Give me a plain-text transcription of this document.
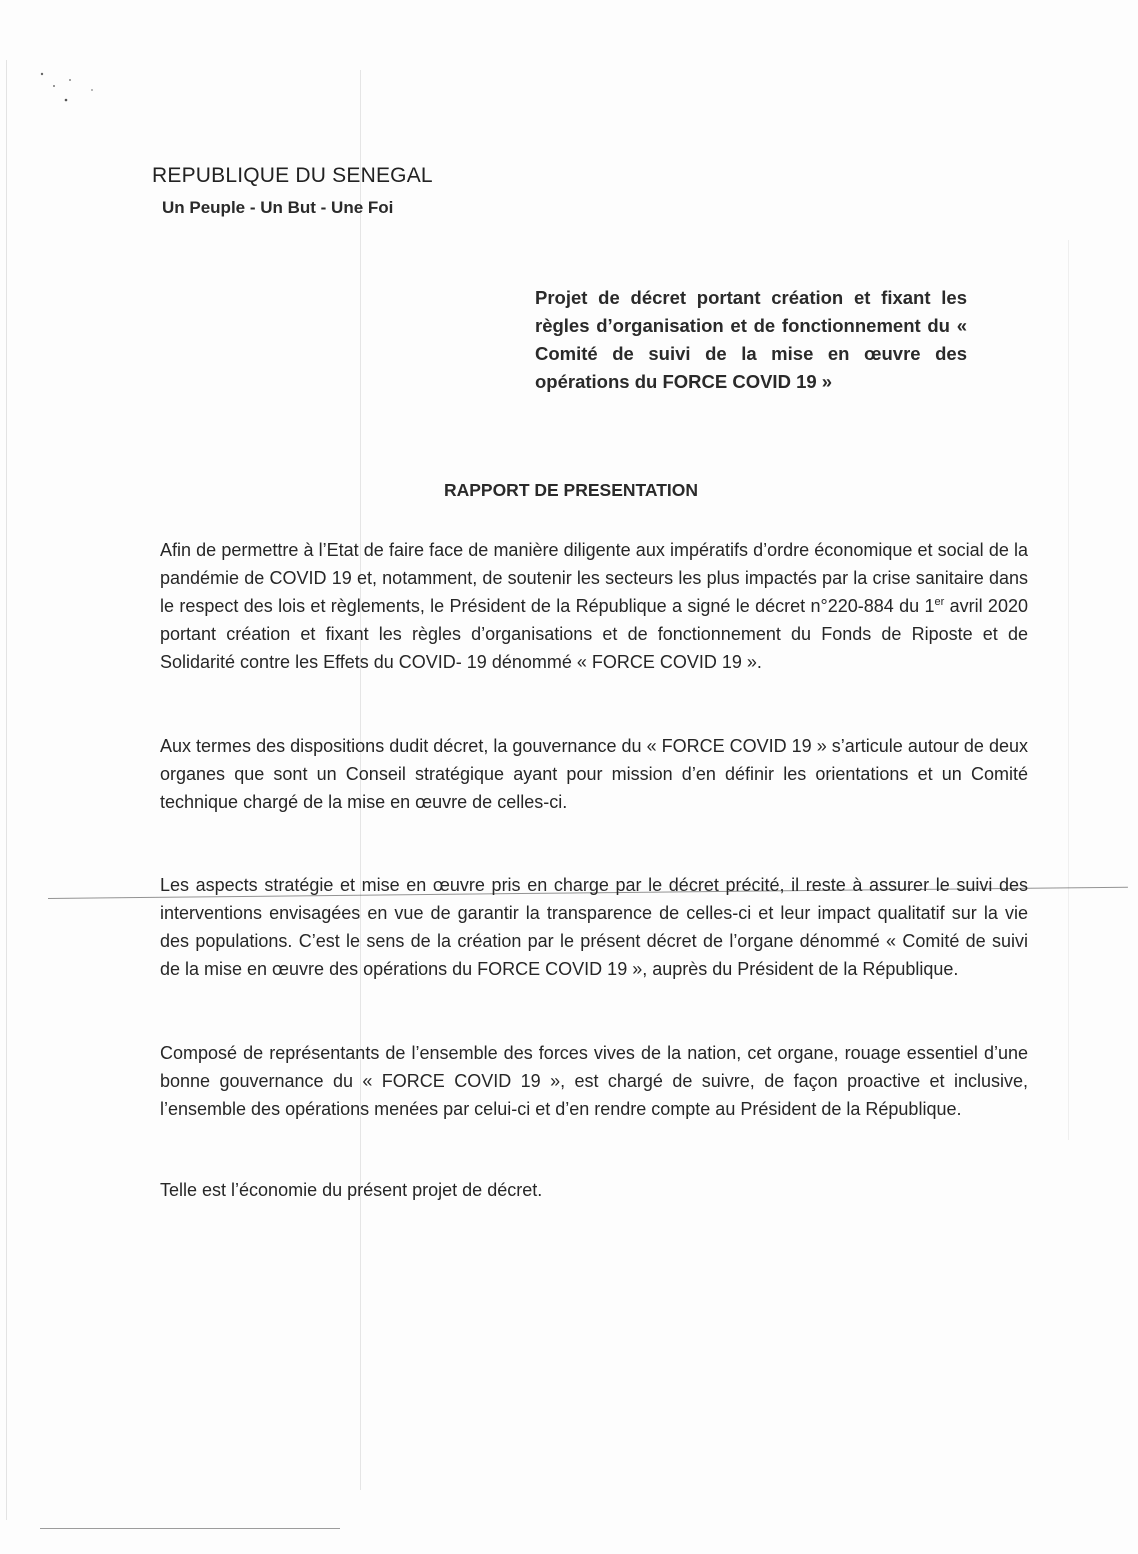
REPUBLIQUE DU SENEGAL

Un Peuple - Un But - Une Foi

Projet de décret portant création et fixant les règles d’organisation et de fonctionnement du « Comité de suivi de la mise en œuvre des opérations du FORCE COVID 19 »

RAPPORT DE PRESENTATION

Afin de permettre à l’Etat de faire face de manière diligente aux impératifs d’ordre économique et social de la pandémie de COVID 19 et, notamment, de soutenir les secteurs les plus impactés par la crise sanitaire dans le respect des lois et règlements, le Président de la République a signé le décret n°220-884 du 1er avril 2020 portant création et fixant les règles d’organisations et de fonctionnement du Fonds de Riposte et de Solidarité contre les Effets du COVID- 19 dénommé « FORCE COVID 19 ».

Aux termes des dispositions dudit décret, la gouvernance du « FORCE COVID 19 » s’articule autour de deux organes que sont un Conseil stratégique ayant pour mission d’en définir les orientations et un Comité technique chargé de la mise en œuvre de celles-ci.

Les aspects stratégie et mise en œuvre pris en charge par le décret précité, il reste à assurer le suivi des interventions envisagées en vue de garantir la transparence de celles-ci et leur impact qualitatif sur la vie des populations. C’est le sens de la création par le présent décret de l’organe dénommé « Comité de suivi de la mise en œuvre des opérations du FORCE COVID 19 », auprès du Président de la République.

Composé de représentants de l’ensemble des forces vives de la nation, cet organe, rouage essentiel d’une bonne gouvernance du « FORCE COVID 19 », est chargé de suivre, de façon proactive et inclusive, l’ensemble des opérations menées par celui-ci et d’en rendre compte au Président de la République.

Telle est l’économie du présent projet de décret.
